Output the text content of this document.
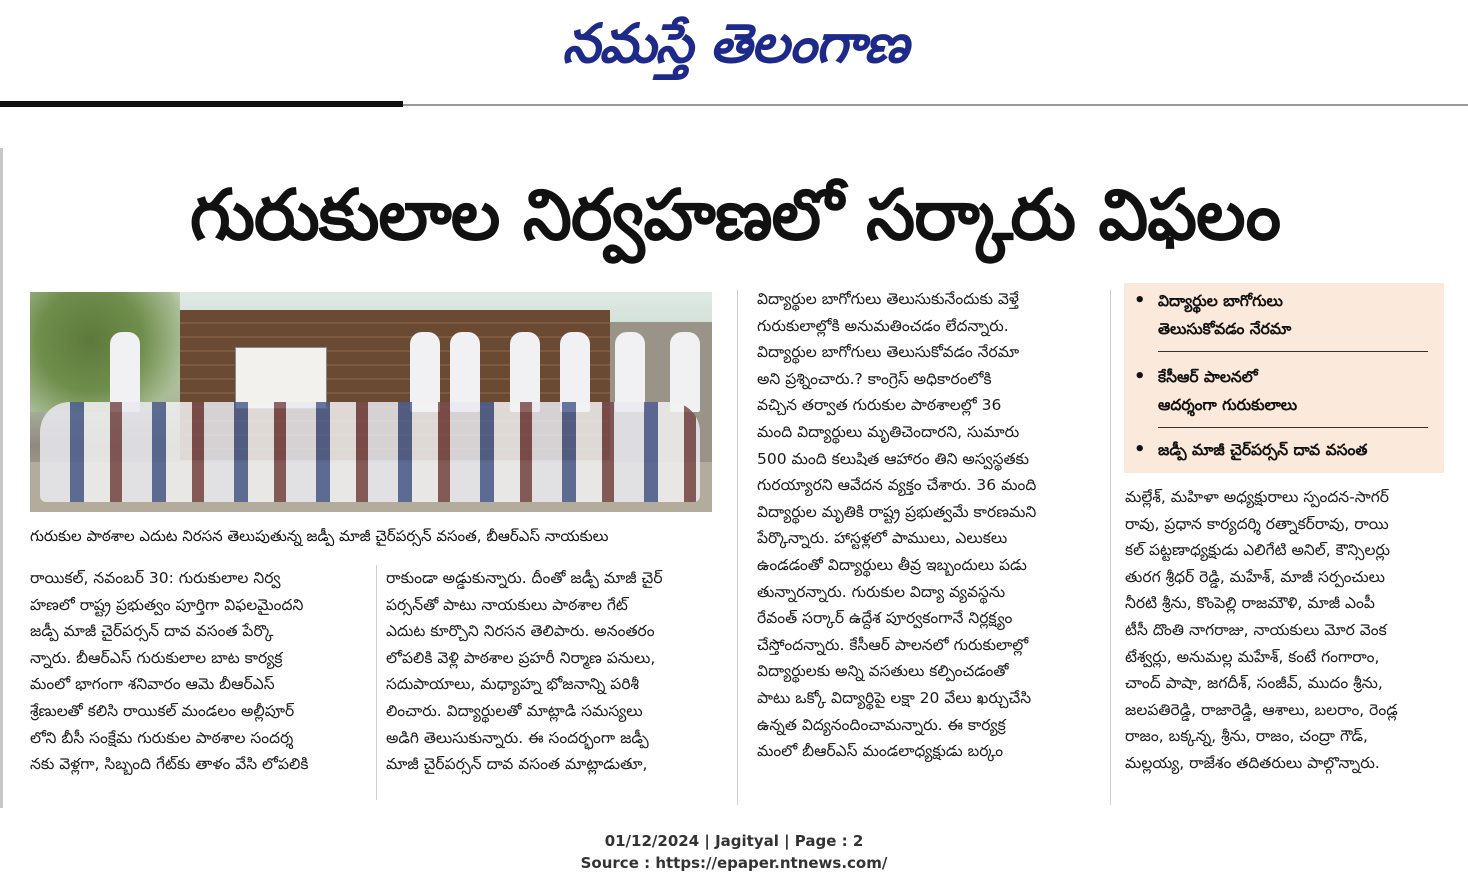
నమస్తే తెలంగాణ
గురుకులాల నిర్వహణలో సర్కారు విఫలం
గురుకుల పాఠశాల ఎదుట నిరసన తెలుపుతున్న జడ్పీ మాజీ చైర్‌పర్సన్ వసంత, బీఆర్‌ఎస్ నాయకులు

రాయికల్, నవంబర్ 30: గురుకులాల నిర్వ

హణలో రాష్ట్ర ప్రభుత్వం పూర్తిగా విఫలమైందని

జడ్పీ మాజీ చైర్‌పర్సన్ దావ వసంత పేర్కొ

న్నారు. బీఆర్‌ఎస్ గురుకులాల బాట కార్యక్ర

మంలో భాగంగా శనివారం ఆమె బీఆర్‌ఎస్

శ్రేణులతో కలిసి రాయికల్ మండలం అల్లీపూర్

లోని బీసీ సంక్షేమ గురుకుల పాఠశాల సందర్శ

నకు వెళ్లగా, సిబ్బంది గేట్‌కు తాళం వేసి లోపలికి

రాకుండా అడ్డుకున్నారు. దీంతో జడ్పీ మాజీ చైర్

పర్సన్‌తో పాటు నాయకులు పాఠశాల గేట్

ఎదుట కూర్చొని నిరసన తెలిపారు. అనంతరం

లోపలికి వెళ్లి పాఠశాల ప్రహరీ నిర్మాణ పనులు,

సదుపాయాలు, మధ్యాహ్న భోజనాన్ని పరిశీ

లించారు. విద్యార్థులతో మాట్లాడి సమస్యలు

అడిగి తెలుసుకున్నారు. ఈ సందర్భంగా జడ్పీ

మాజీ చైర్‌పర్సన్ దావ వసంత మాట్లాడుతూ,

విద్యార్థుల బాగోగులు తెలుసుకునేందుకు వెళ్తే

గురుకులాల్లోకి అనుమతించడం లేదన్నారు.

విద్యార్థుల బాగోగులు తెలుసుకోవడం నేరమా

అని ప్రశ్నించారు.? కాంగ్రెస్ అధికారంలోకి

వచ్చిన తర్వాత గురుకుల పాఠశాలల్లో 36

మంది విద్యార్థులు మృతిచెందారని, సుమారు

500 మంది కలుషిత ఆహారం తిని అస్వస్థతకు

గురయ్యారని ఆవేదన వ్యక్తం చేశారు. 36 మంది

విద్యార్థుల మృతికి రాష్ట్ర ప్రభుత్వమే కారణమని

పేర్కొన్నారు. హాస్టళ్లలో పాములు, ఎలుకలు

ఉండడంతో విద్యార్థులు తీవ్ర ఇబ్బందులు పడు

తున్నారన్నారు. గురుకుల విద్యా వ్యవస్థను

రేవంత్ సర్కార్ ఉద్దేశ పూర్వకంగానే నిర్లక్ష్యం

చేస్తోందన్నారు. కేసీఆర్ పాలనలో గురుకులాల్లో

విద్యార్థులకు అన్ని వసతులు కల్పించడంతో

పాటు ఒక్కో విద్యార్థిపై లక్షా 20 వేలు ఖర్చుచేసి

ఉన్నత విద్యనందించామన్నారు. ఈ కార్యక్ర

మంలో బీఆర్‌ఎస్ మండలాధ్యక్షుడు బర్కం

• విద్యార్థుల బాగోగులు
తెలుసుకోవడం నేరమా
• కేసీఆర్ పాలనలో
ఆదర్శంగా గురుకులాలు
• జడ్పీ మాజీ చైర్‌పర్సన్ దావ వసంత

మల్లేశ్, మహిళా అధ్యక్షురాలు స్పందన-సాగర్

రావు, ప్రధాన కార్యదర్శి రత్నాకర్‌రావు, రాయి

కల్ పట్టణాధ్యక్షుడు ఎలిగేటి అనిల్, కౌన్సిలర్లు

తురగ శ్రీధర్ రెడ్డి, మహేశ్, మాజీ సర్పంచులు

నీరటి శ్రీను, కొంపెల్లి రాజమౌళి, మాజీ ఎంపీ

టీసీ దొంతి నాగరాజు, నాయకులు మోర వెంక

టేశ్వర్లు, అనుమల్ల మహేశ్, కంటే గంగారాం,

చాంద్ పాషా, జగదీశ్, సంజీవ్, ముదం శ్రీను,

జలపతిరెడ్డి, రాజారెడ్డి, ఆశాలు, బలరాం, రెండ్ల

రాజం, బక్కన్న, శ్రీను, రాజం, చంద్రా గౌడ్,

మల్లయ్య, రాజేశం తదితరులు పాల్గొన్నారు.

01/12/2024 | Jagityal | Page : 2
Source : https://epaper.ntnews.com/
